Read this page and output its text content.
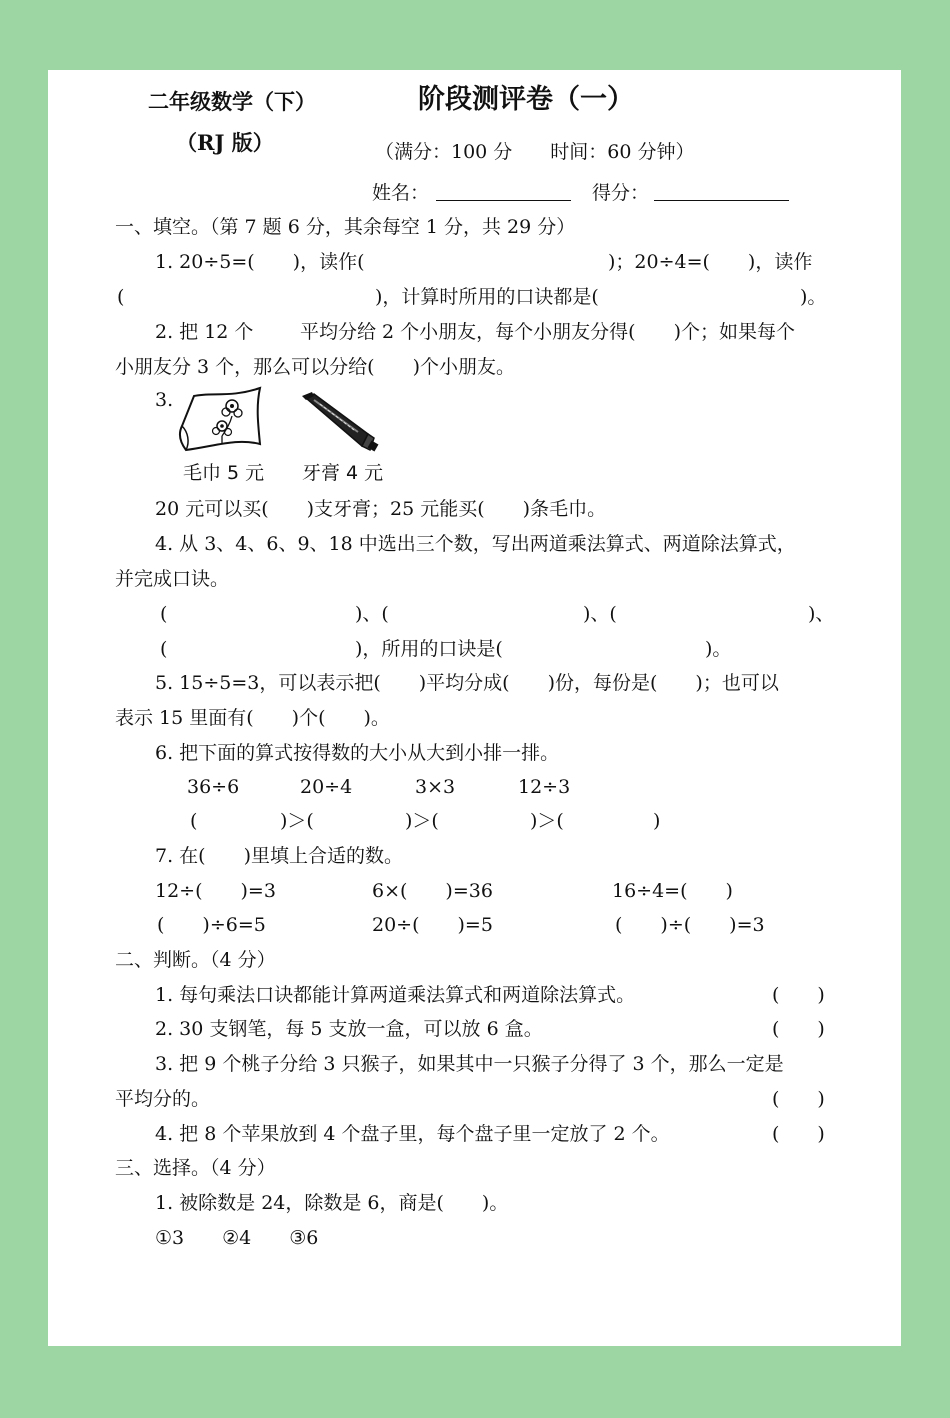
二年级数学（下）
（RJ 版）
阶段测评卷（一）
（满分：100 分　　时间：60 分钟）
姓名：	得分：
一、填空。（第 7 题 6 分，其余每空 1 分，共 29 分）
1. 20÷5=(　　)，读作(	)；20÷4=(　　)，读作
(	)，计算时所用的口诀都是(	)。
2. 把 12 个 平均分给 2 个小朋友，每个小朋友分得(　　)个；如果每个
小朋友分 3 个，那么可以分给(　　)个小朋友。
3.
20 元可以买(　　)支牙膏；25 元能买(　　)条毛巾。
4. 从 3、4、6、9、18 中选出三个数，写出两道乘法算式、两道除法算式，
并完成口诀。
(	)、(	)、(	)、
(	)，所用的口诀是(	)。
5. 15÷5=3，可以表示把(　　)平均分成(　　)份，每份是(　　)；也可以
表示 15 里面有(　　)个(　　)。
6. 把下面的算式按得数的大小从大到小排一排。
36÷6	20÷4	3×3	12÷3
(	)＞(	)＞(	)＞(	)
7. 在(　　)里填上合适的数。
12÷(　　)=3	6×(　　)=36	16÷4=(　　)
(　　)÷6=5	20÷(　　)=5	(　　)÷(　　)=3
二、判断。（4 分）
1. 每句乘法口诀都能计算两道乘法算式和两道除法算式。	(　　)
2. 30 支钢笔，每 5 支放一盒，可以放 6 盒。	(　　)
3. 把 9 个桃子分给 3 只猴子，如果其中一只猴子分得了 3 个，那么一定是
平均分的。	(　　)
4. 把 8 个苹果放到 4 个盘子里，每个盘子里一定放了 2 个。	(　　)
三、选择。（4 分）
1. 被除数是 24，除数是 6，商是(　　)。
①3　　②4　　③6
毛巾 5 元 牙膏 4 元
